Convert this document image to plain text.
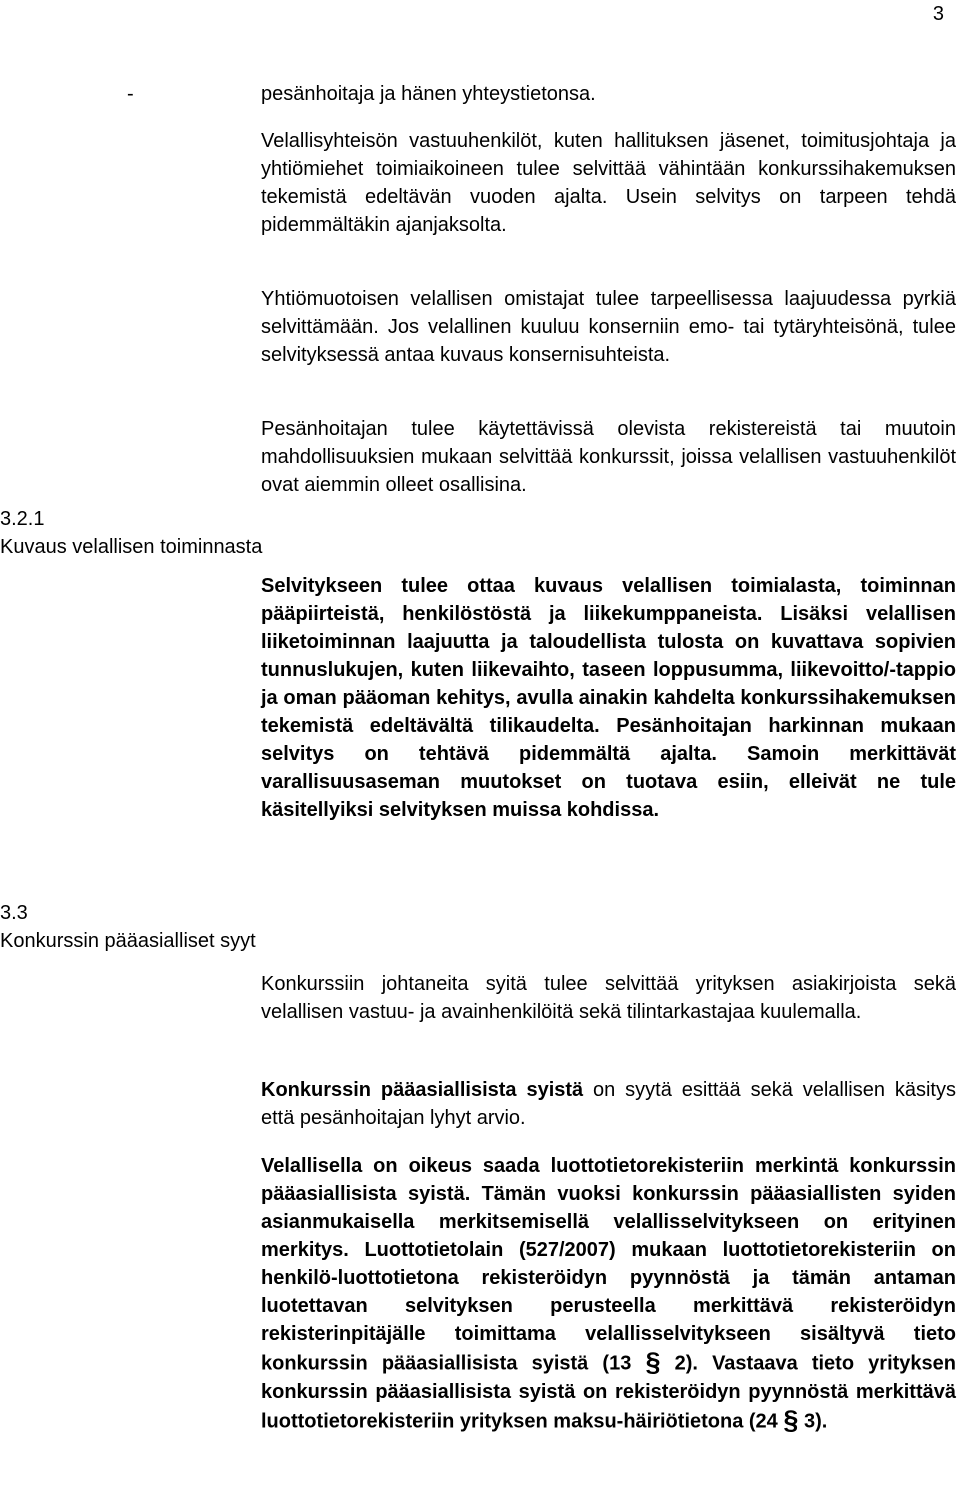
3
-	pesänhoitaja ja hänen yhteystietonsa.

Velallisyhteisön vastuuhenkilöt, kuten hallituksen jäsenet, toimitusjohtaja ja yhtiömiehet toimiaikoineen tulee selvittää vähintään konkurssihakemuksen tekemistä edeltävän vuoden ajalta. Usein selvitys on tarpeen tehdä pidemmältäkin ajanjaksolta.

Yhtiömuotoisen velallisen omistajat tulee tarpeellisessa laajuudessa pyrkiä selvittämään. Jos velallinen kuuluu konserniin emo- tai tytäryhteisönä, tulee selvityksessä antaa kuvaus konsernisuhteista.

Pesänhoitajan tulee käytettävissä olevista rekistereistä tai muutoin mahdollisuuksien mukaan selvittää konkurssit, joissa velallisen vastuuhenkilöt ovat aiemmin olleet osallisina.

3.2.1
Kuvaus velallisen toiminnasta

Selvitykseen tulee ottaa kuvaus velallisen toimialasta, toiminnan pääpiirteistä, henkilöstöstä ja liikekumppaneista. Lisäksi velallisen liiketoiminnan laajuutta ja taloudellista tulosta on kuvattava sopivien tunnuslukujen, kuten liikevaihto, taseen loppusumma, liikevoitto/-tappio ja oman pääoman kehitys, avulla ainakin kahdelta konkurssihakemuksen tekemistä edeltävältä tilikaudelta. Pesänhoitajan harkinnan mukaan selvitys on tehtävä pidemmältä ajalta. Samoin merkittävät varallisuusaseman muutokset on tuotava esiin, elleivät ne tule käsitellyiksi selvityksen muissa kohdissa.

3.3
Konkurssin pääasialliset syyt

Konkurssiin johtaneita syitä tulee selvittää yrityksen asiakirjoista sekä velallisen vastuu- ja avainhenkilöitä sekä tilintarkastajaa kuulemalla.

Konkurssin pääasiallisista syistä on syytä esittää sekä velallisen käsitys että pesänhoitajan lyhyt arvio.

Velallisella on oikeus saada luottotietorekisteriin merkintä konkurssin pääasiallisista syistä. Tämän vuoksi konkurssin pääasiallisten syiden asianmukaisella merkitsemisellä velallisselvitykseen on erityinen merkitys. Luottotietolain (527/2007) mukaan luottotietorekisteriin on henkilö-luottotietona rekisteröidyn pyynnöstä ja tämän antaman luotettavan selvityksen perusteella merkittävä rekisteröidyn rekisterinpitäjälle toimittama velallisselvitykseen sisältyvä tieto konkurssin pääasiallisista syistä (13 § 2). Vastaava tieto yrityksen konkurssin pääasiallisista syistä on rekisteröidyn pyynnöstä merkittävä luottotietorekisteriin yrityksen maksu-häiriötietona (24 § 3).
